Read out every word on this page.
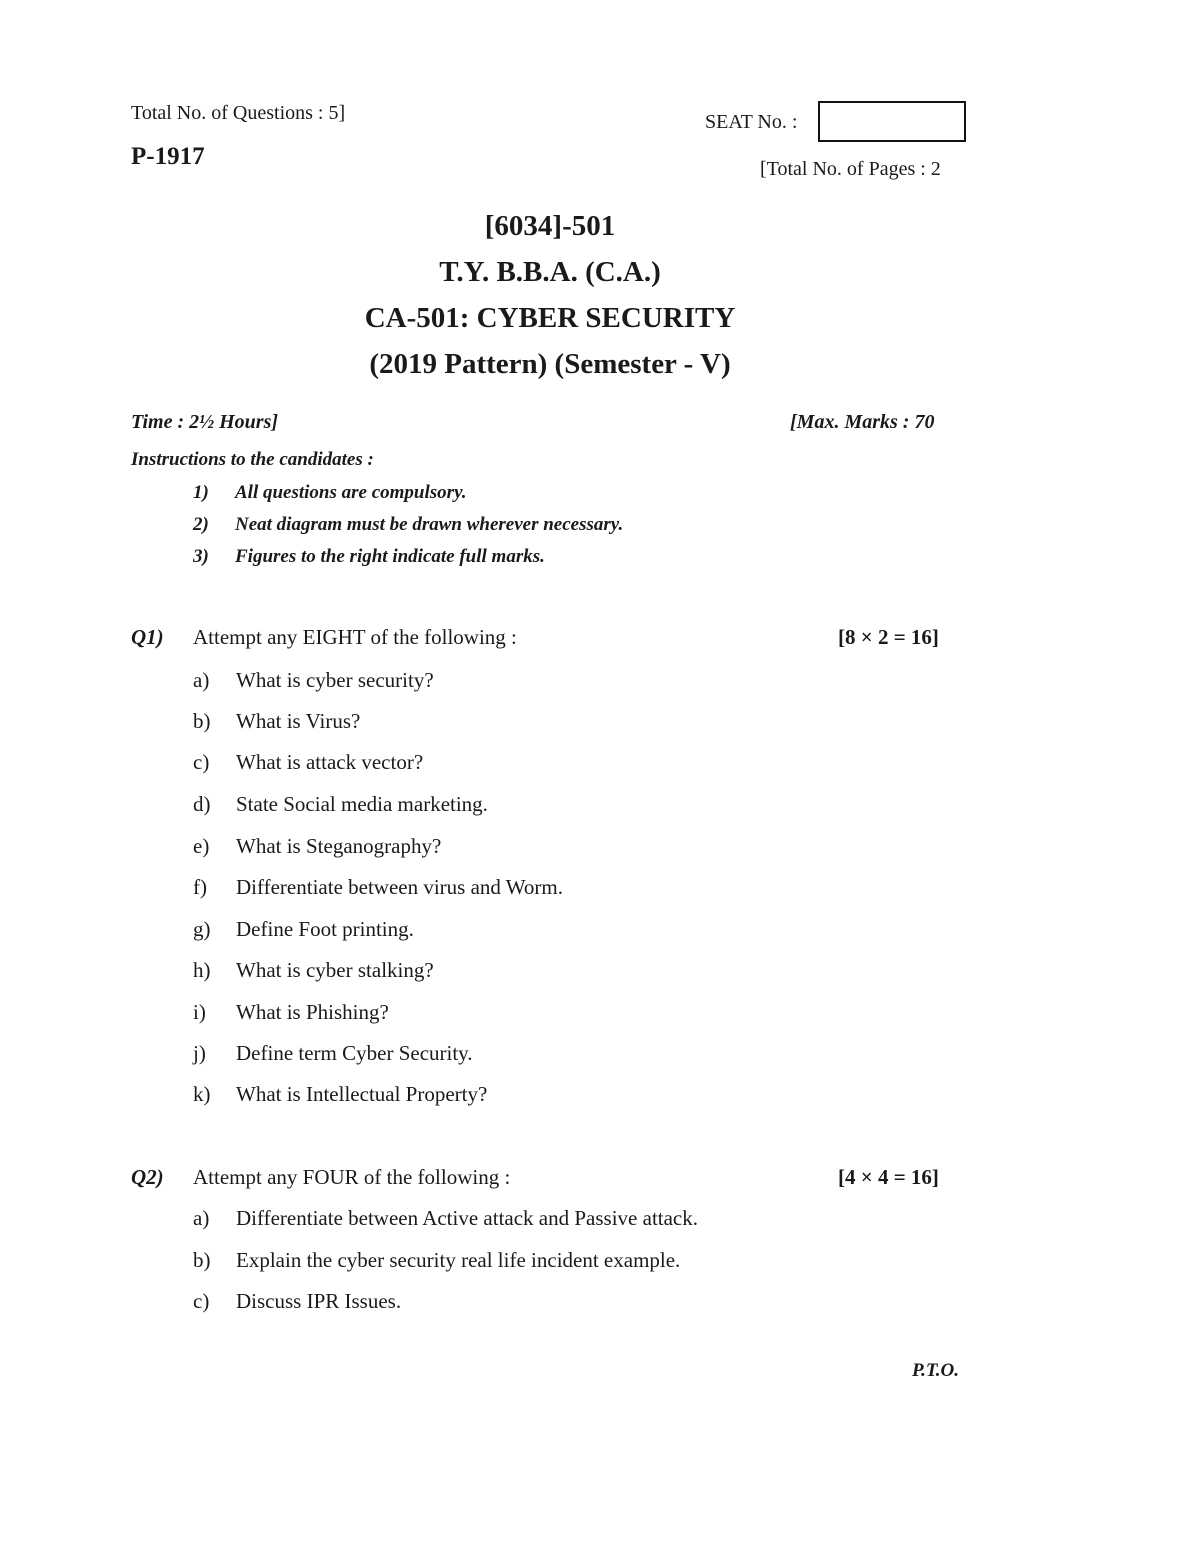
Total No. of Questions : 5]
P-1917
SEAT No. :
[Total No. of Pages : 2
[6034]-501
T.Y. B.B.A. (C.A.)
CA-501: CYBER SECURITY
(2019 Pattern) (Semester - V)
Time : 2½ Hours]	[Max. Marks : 70
Instructions to the candidates :
1) All questions are compulsory.
2) Neat diagram must be drawn wherever necessary.
3) Figures to the right indicate full marks.
Q1) Attempt any EIGHT of the following :	[8 × 2 = 16]
a) What is cyber security?
b) What is Virus?
c) What is attack vector?
d) State Social media marketing.
e) What is Steganography?
f) Differentiate between virus and Worm.
g) Define Foot printing.
h) What is cyber stalking?
i) What is Phishing?
j) Define term Cyber Security.
k) What is Intellectual Property?
Q2) Attempt any FOUR of the following :	[4 × 4 = 16]
a) Differentiate between Active attack and Passive attack.
b) Explain the cyber security real life incident example.
c) Discuss IPR Issues.
P.T.O.
